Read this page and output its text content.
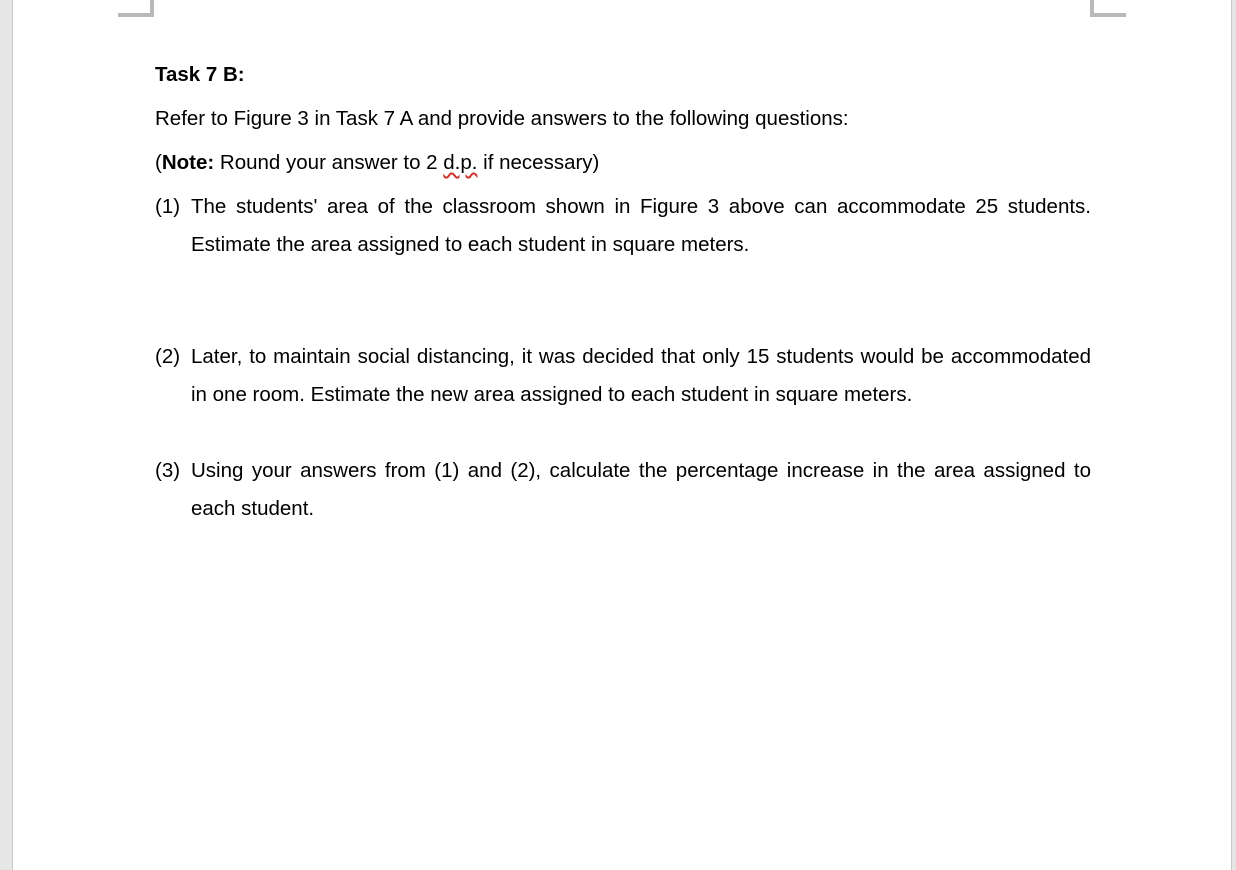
Task 7 B:
Refer to Figure 3 in Task 7 A and provide answers to the following questions:
(Note: Round your answer to 2 d.p. if necessary)
(1) The students' area of the classroom shown in Figure 3 above can accommodate 25 students. Estimate the area assigned to each student in square meters.
(2) Later, to maintain social distancing, it was decided that only 15 students would be accommodated in one room. Estimate the new area assigned to each student in square meters.
(3) Using your answers from (1) and (2), calculate the percentage increase in the area assigned to each student.
